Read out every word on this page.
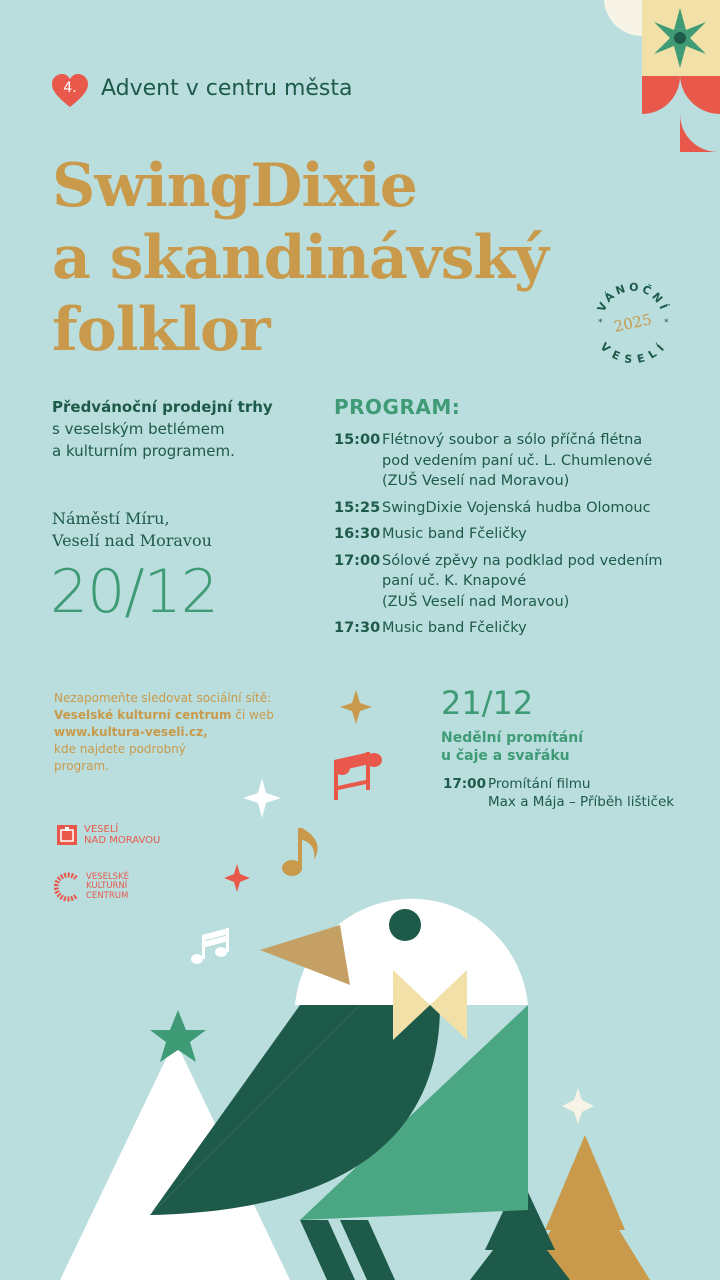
4.	Advent v centru města
SwingDixie
a skandinávský
folklor	VÁNOČNÍ
VESELÍ
2025
*	*
Předvánoční prodejní trhy
s veselským betlémem
a kulturním programem.
Náměstí Míru,
Veselí nad Moravou
20/12
PROGRAM:
15:00 Flétnový soubor a sólo příčná flétna
pod vedením paní uč. L. Chumlenové
(ZUŠ Veselí nad Moravou)
15:25 SwingDixie Vojenská hudba Olomouc
16:30 Music band Fčeličky
17:00 Sólové zpěvy na podklad pod vedením
paní uč. K. Knapové
(ZUŠ Veselí nad Moravou)
17:30 Music band Fčeličky
Nezapomeňte sledovat sociální sítě:
Veselské kulturní centrum či web
www.kultura-veseli.cz,
kde najdete podrobný
program.
21/12
Nedělní promítání
u čaje a svařáku
17:00 Promítání filmu
Max a Mája – Příběh lištiček
VESELÍ
NAD MORAVOU
VESELSKÉ
KULTURNÍ
CENTRUM
